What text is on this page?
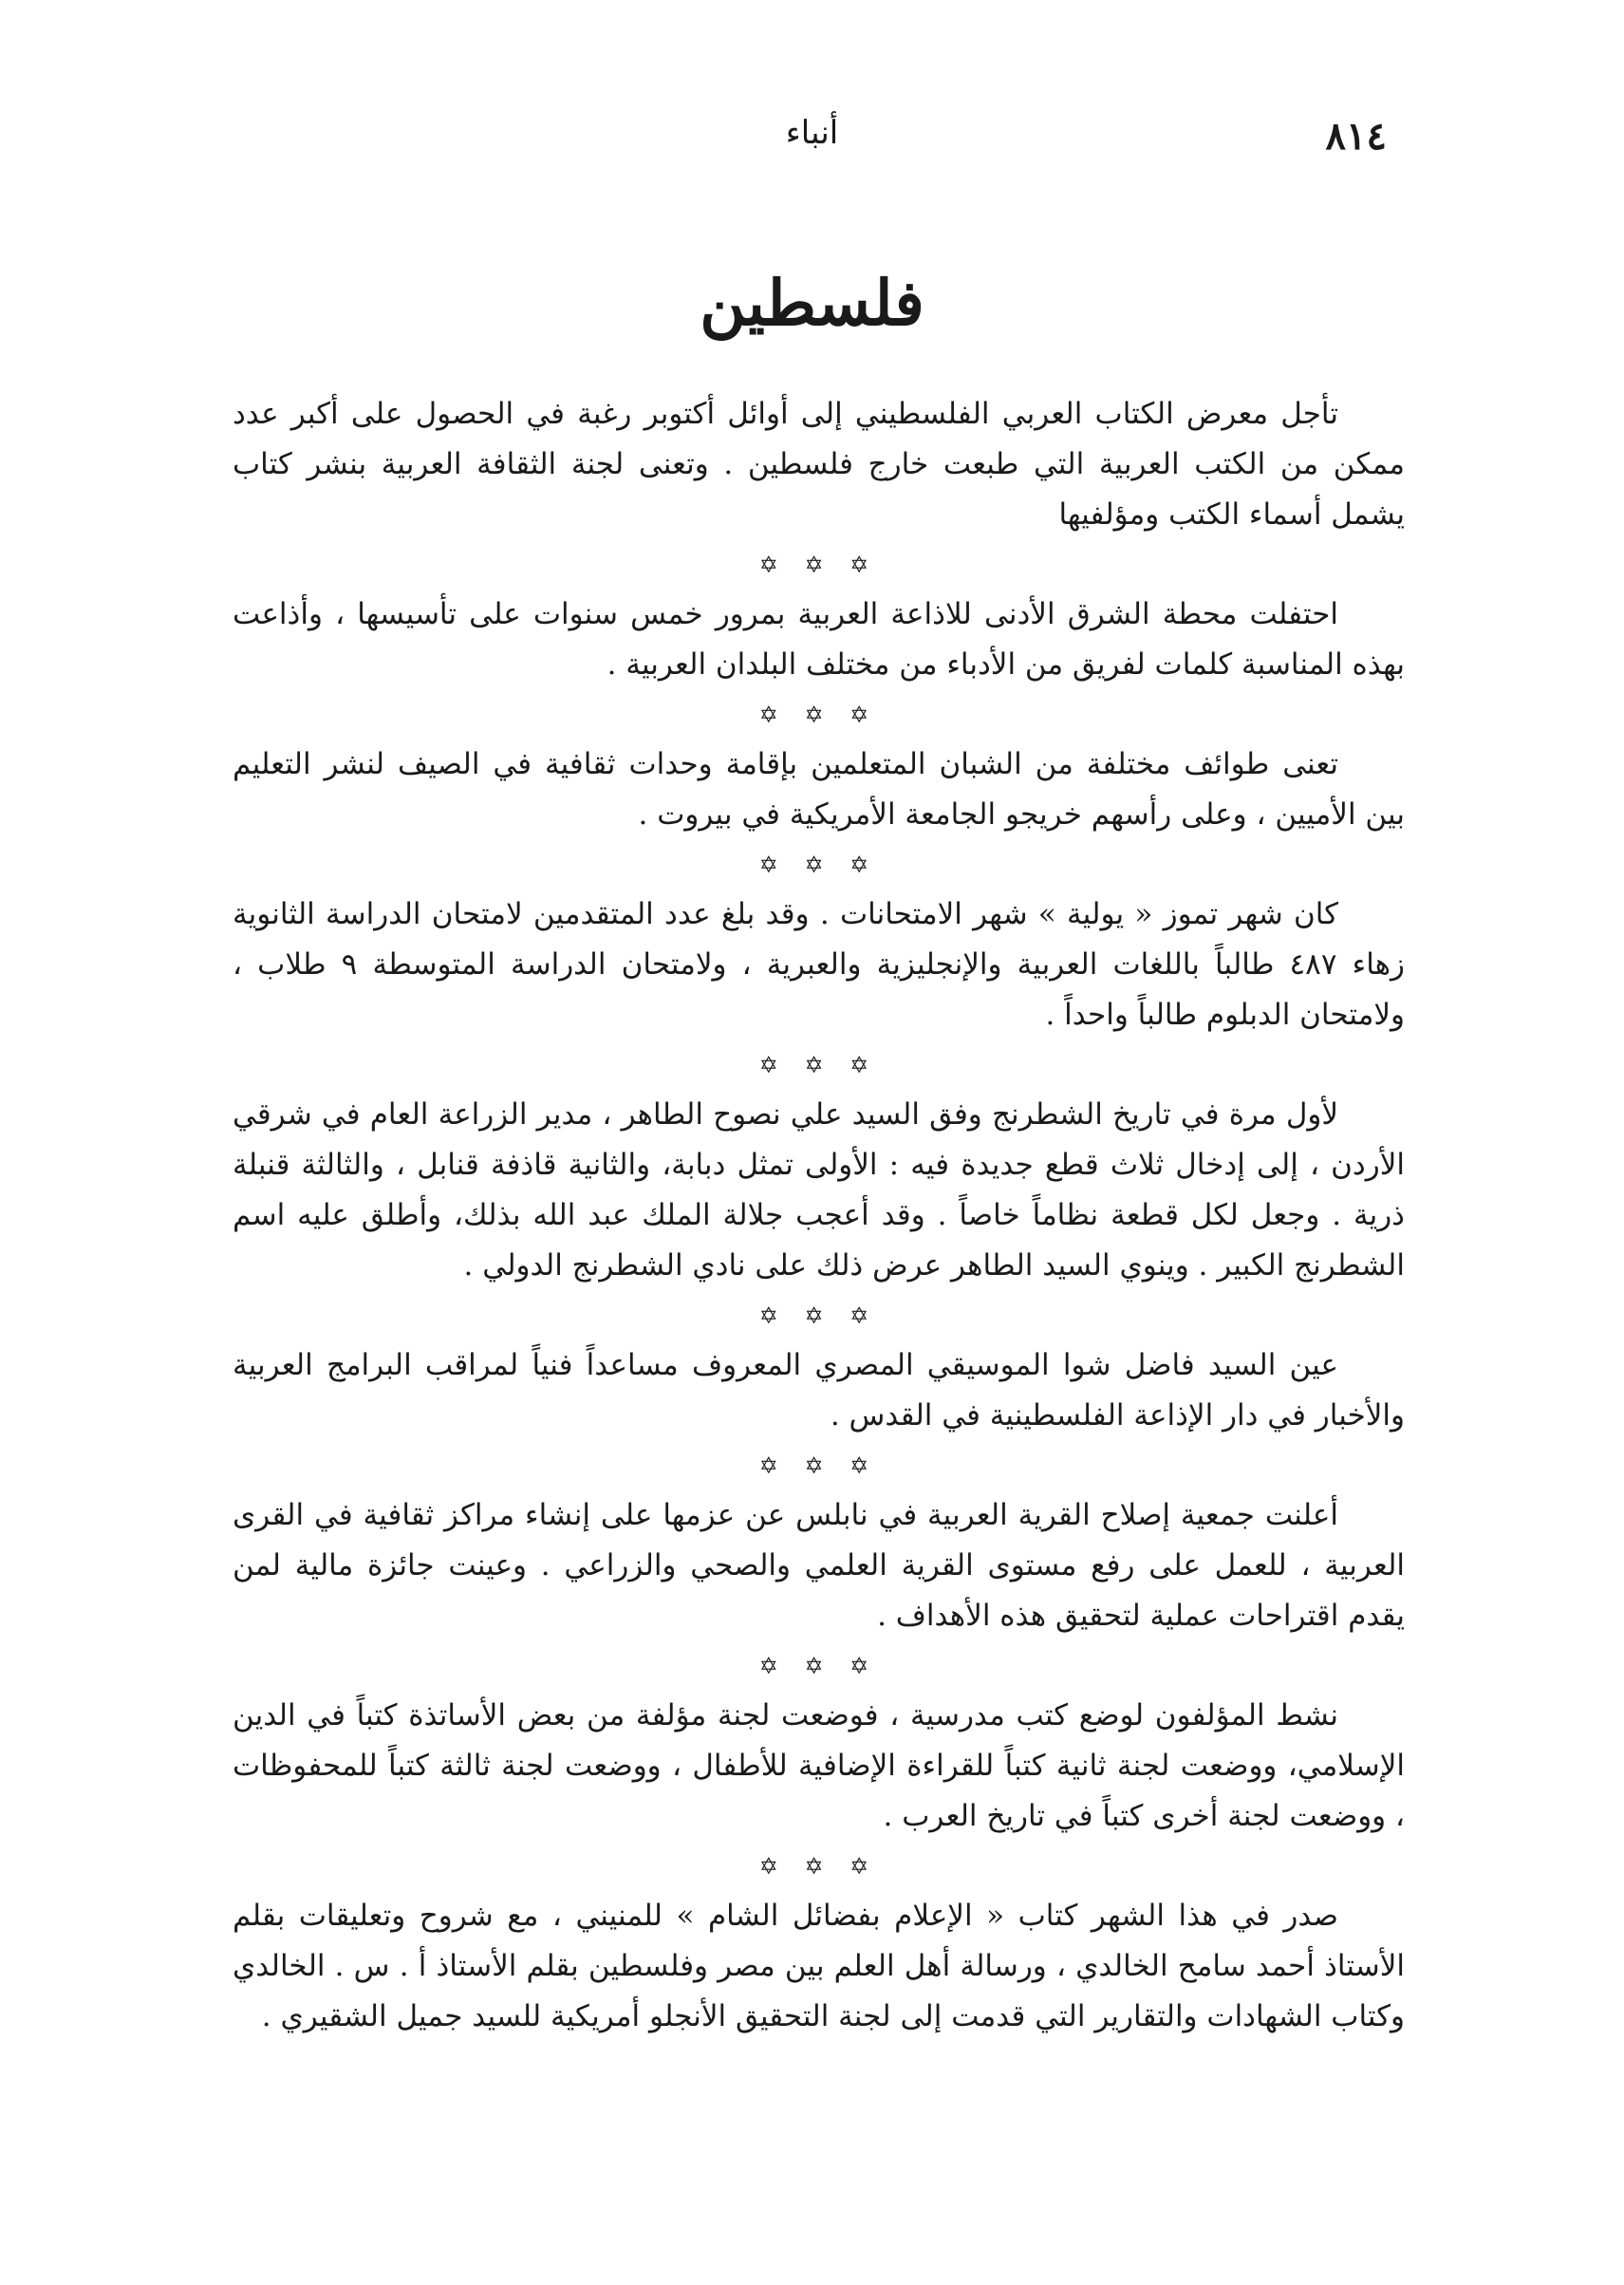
٨١٤
أنباء
فلسطين

تأجل معرض الكتاب العربي الفلسطيني إلى أوائل أكتوبر رغبة في الحصول على أكبر عدد ممكن من الكتب العربية التي طبعت خارج فلسطين . وتعنى لجنة الثقافة العربية بنشر كتاب يشمل أسماء الكتب ومؤلفيها

✡ ✡ ✡

احتفلت محطة الشرق الأدنى للاذاعة العربية بمرور خمس سنوات على تأسيسها ، وأذاعت بهذه المناسبة كلمات لفريق من الأدباء من مختلف البلدان العربية .

✡ ✡ ✡

تعنى طوائف مختلفة من الشبان المتعلمين بإقامة وحدات ثقافية في الصيف لنشر التعليم بين الأميين ، وعلى رأسهم خريجو الجامعة الأمريكية في بيروت .

✡ ✡ ✡

كان شهر تموز « يولية » شهر الامتحانات . وقد بلغ عدد المتقدمين لامتحان الدراسة الثانوية زهاء ٤٨٧ طالباً باللغات العربية والإنجليزية والعبرية ، ولامتحان الدراسة المتوسطة ٩ طلاب ، ولامتحان الدبلوم طالباً واحداً .

✡ ✡ ✡

لأول مرة في تاريخ الشطرنج وفق السيد علي نصوح الطاهر ، مدير الزراعة العام في شرقي الأردن ، إلى إدخال ثلاث قطع جديدة فيه : الأولى تمثل دبابة، والثانية قاذفة قنابل ، والثالثة قنبلة ذرية . وجعل لكل قطعة نظاماً خاصاً . وقد أعجب جلالة الملك عبد الله بذلك، وأطلق عليه اسم الشطرنج الكبير . وينوي السيد الطاهر عرض ذلك على نادي الشطرنج الدولي .

✡ ✡ ✡

عين السيد فاضل شوا الموسيقي المصري المعروف مساعداً فنياً لمراقب البرامج العربية والأخبار في دار الإذاعة الفلسطينية في القدس .

✡ ✡ ✡

أعلنت جمعية إصلاح القرية العربية في نابلس عن عزمها على إنشاء مراكز ثقافية في القرى العربية ، للعمل على رفع مستوى القرية العلمي والصحي والزراعي . وعينت جائزة مالية لمن يقدم اقتراحات عملية لتحقيق هذه الأهداف .

✡ ✡ ✡

نشط المؤلفون لوضع كتب مدرسية ، فوضعت لجنة مؤلفة من بعض الأساتذة كتباً في الدين الإسلامي، ووضعت لجنة ثانية كتباً للقراءة الإضافية للأطفال ، ووضعت لجنة ثالثة كتباً للمحفوظات ، ووضعت لجنة أخرى كتباً في تاريخ العرب .

✡ ✡ ✡

صدر في هذا الشهر كتاب « الإعلام بفضائل الشام » للمنيني ، مع شروح وتعليقات بقلم الأستاذ أحمد سامح الخالدي ، ورسالة أهل العلم بين مصر وفلسطين بقلم الأستاذ أ . س . الخالدي وكتاب الشهادات والتقارير التي قدمت إلى لجنة التحقيق الأنجلو أمريكية للسيد جميل الشقيري .
